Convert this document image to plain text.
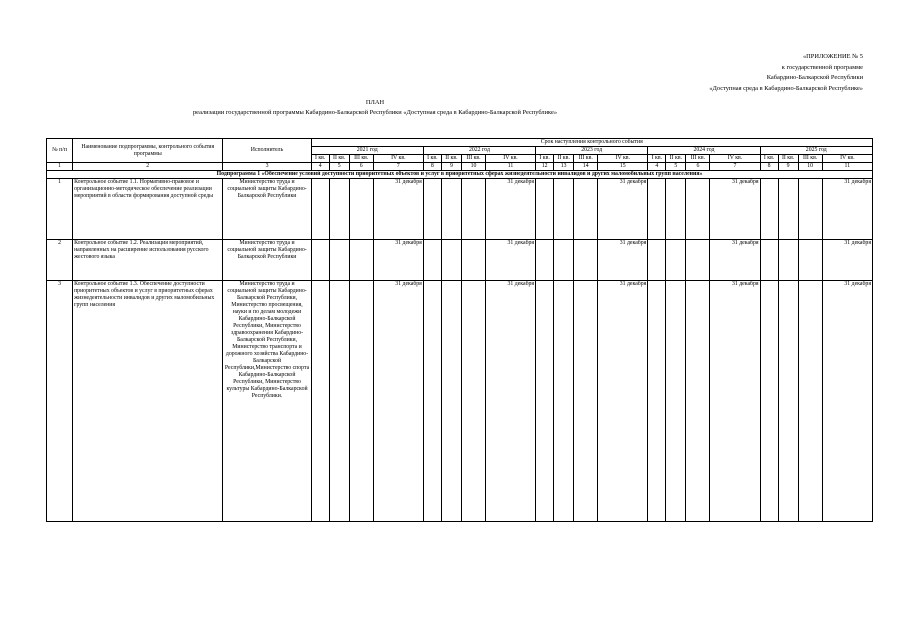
«ПРИЛОЖЕНИЕ № 5
к государственной программе
Кабардино-Балкарской Республики
«Доступная среда в Кабардино-Балкарской Республике»
ПЛАН
реализации государственной программы Кабардино-Балкарской Республики «Доступная среда в Кабардино-Балкарской Республике»
№ п/п	Наименование подпрограммы, контрольного события программы	Исполнитель	Срок наступления контрольного события																			
			2021 год				2022 год				2023 год				2024 год				2025 год			
			I кв.	II кв.	III кв.	IV кв.	I кв.	II кв.	III кв.	IV кв.	I кв.	II кв.	III кв.	IV кв.	I кв.	II кв.	III кв.	IV кв.	I кв.	II кв.	III кв.	IV кв.
1	2	3	4	5	6	7	8	9	10	11	12	13	14	15	4	5	6	7	8	9	10	11
Подпрограмма 1 «Обеспечение условий доступности приоритетных объектов и услуг в приоритетных сферах жизнедеятельности инвалидов и других маломобильных групп населения»																						
1	Контрольное событие 1.1. Нормативно-правовое и организационно-методическое обеспечение реализации мероприятий в области формирования доступной среды	Министерство труда и социальной защиты Кабардино-Балкарской Республики				31 декабря				31 декабря				31 декабря				31 декабря				31 декабря
2	Контрольное событие 1.2. Реализация мероприятий, направленных на расширение использования русского жестового языка	Министерство труда и социальной защиты Кабардино-Балкарской Республики				31 декабря				31 декабря				31 декабря				31 декабря				31 декабря
3	Контрольное событие 1.3. Обеспечение доступности приоритетных объектов и услуг в приоритетных сферах жизнедеятельности инвалидов и других маломобильных групп населения	Министерство труда и социальной защиты Кабардино-Балкарской Республики, Министерство просвещения, науки и по делам молодежи Кабардино-Балкарской Республики, Министерство здравоохранения Кабардино-Балкарской Республики, Министерство транспорта и дорожного хозяйства Кабардино-Балкарской Республики,Министерство спорта Кабардино-Балкарской Республики, Министерство культуры Кабардино-Балкарской Республики.				31 декабря				31 декабря				31 декабря				31 декабря				31 декабря
